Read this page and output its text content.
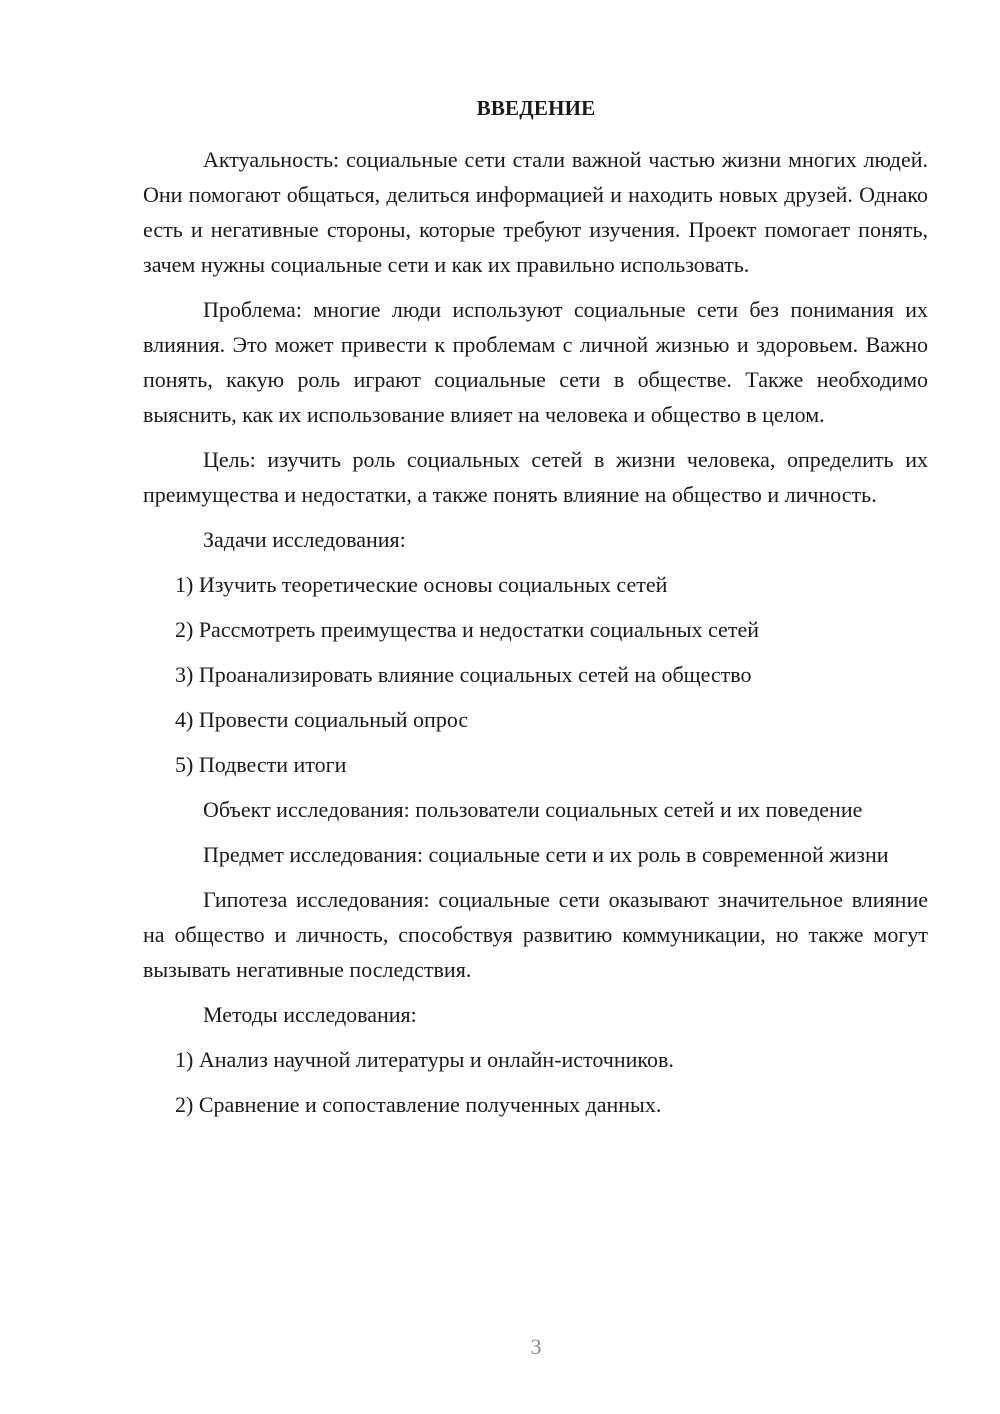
ВВЕДЕНИЕ

Актуальность: социальные сети стали важной частью жизни многих людей. Они помогают общаться, делиться информацией и находить новых друзей. Однако есть и негативные стороны, которые требуют изучения. Проект помогает понять, зачем нужны социальные сети и как их правильно использовать.

Проблема: многие люди используют социальные сети без понимания их влияния. Это может привести к проблемам с личной жизнью и здоровьем. Важно понять, какую роль играют социальные сети в обществе. Также необходимо выяснить, как их использование влияет на человека и общество в целом.

Цель: изучить роль социальных сетей в жизни человека, определить их преимущества и недостатки, а также понять влияние на общество и личность.

Задачи исследования:

1) Изучить теоретические основы социальных сетей

2) Рассмотреть преимущества и недостатки социальных сетей

3) Проанализировать влияние социальных сетей на общество

4) Провести социальный опрос

5) Подвести итоги

Объект исследования: пользователи социальных сетей и их поведение

Предмет исследования: социальные сети и их роль в современной жизни

Гипотеза исследования: социальные сети оказывают значительное влияние на общество и личность, способствуя развитию коммуникации, но также могут вызывать негативные последствия.

Методы исследования:

1) Анализ научной литературы и онлайн-источников.

2) Сравнение и сопоставление полученных данных.

3
